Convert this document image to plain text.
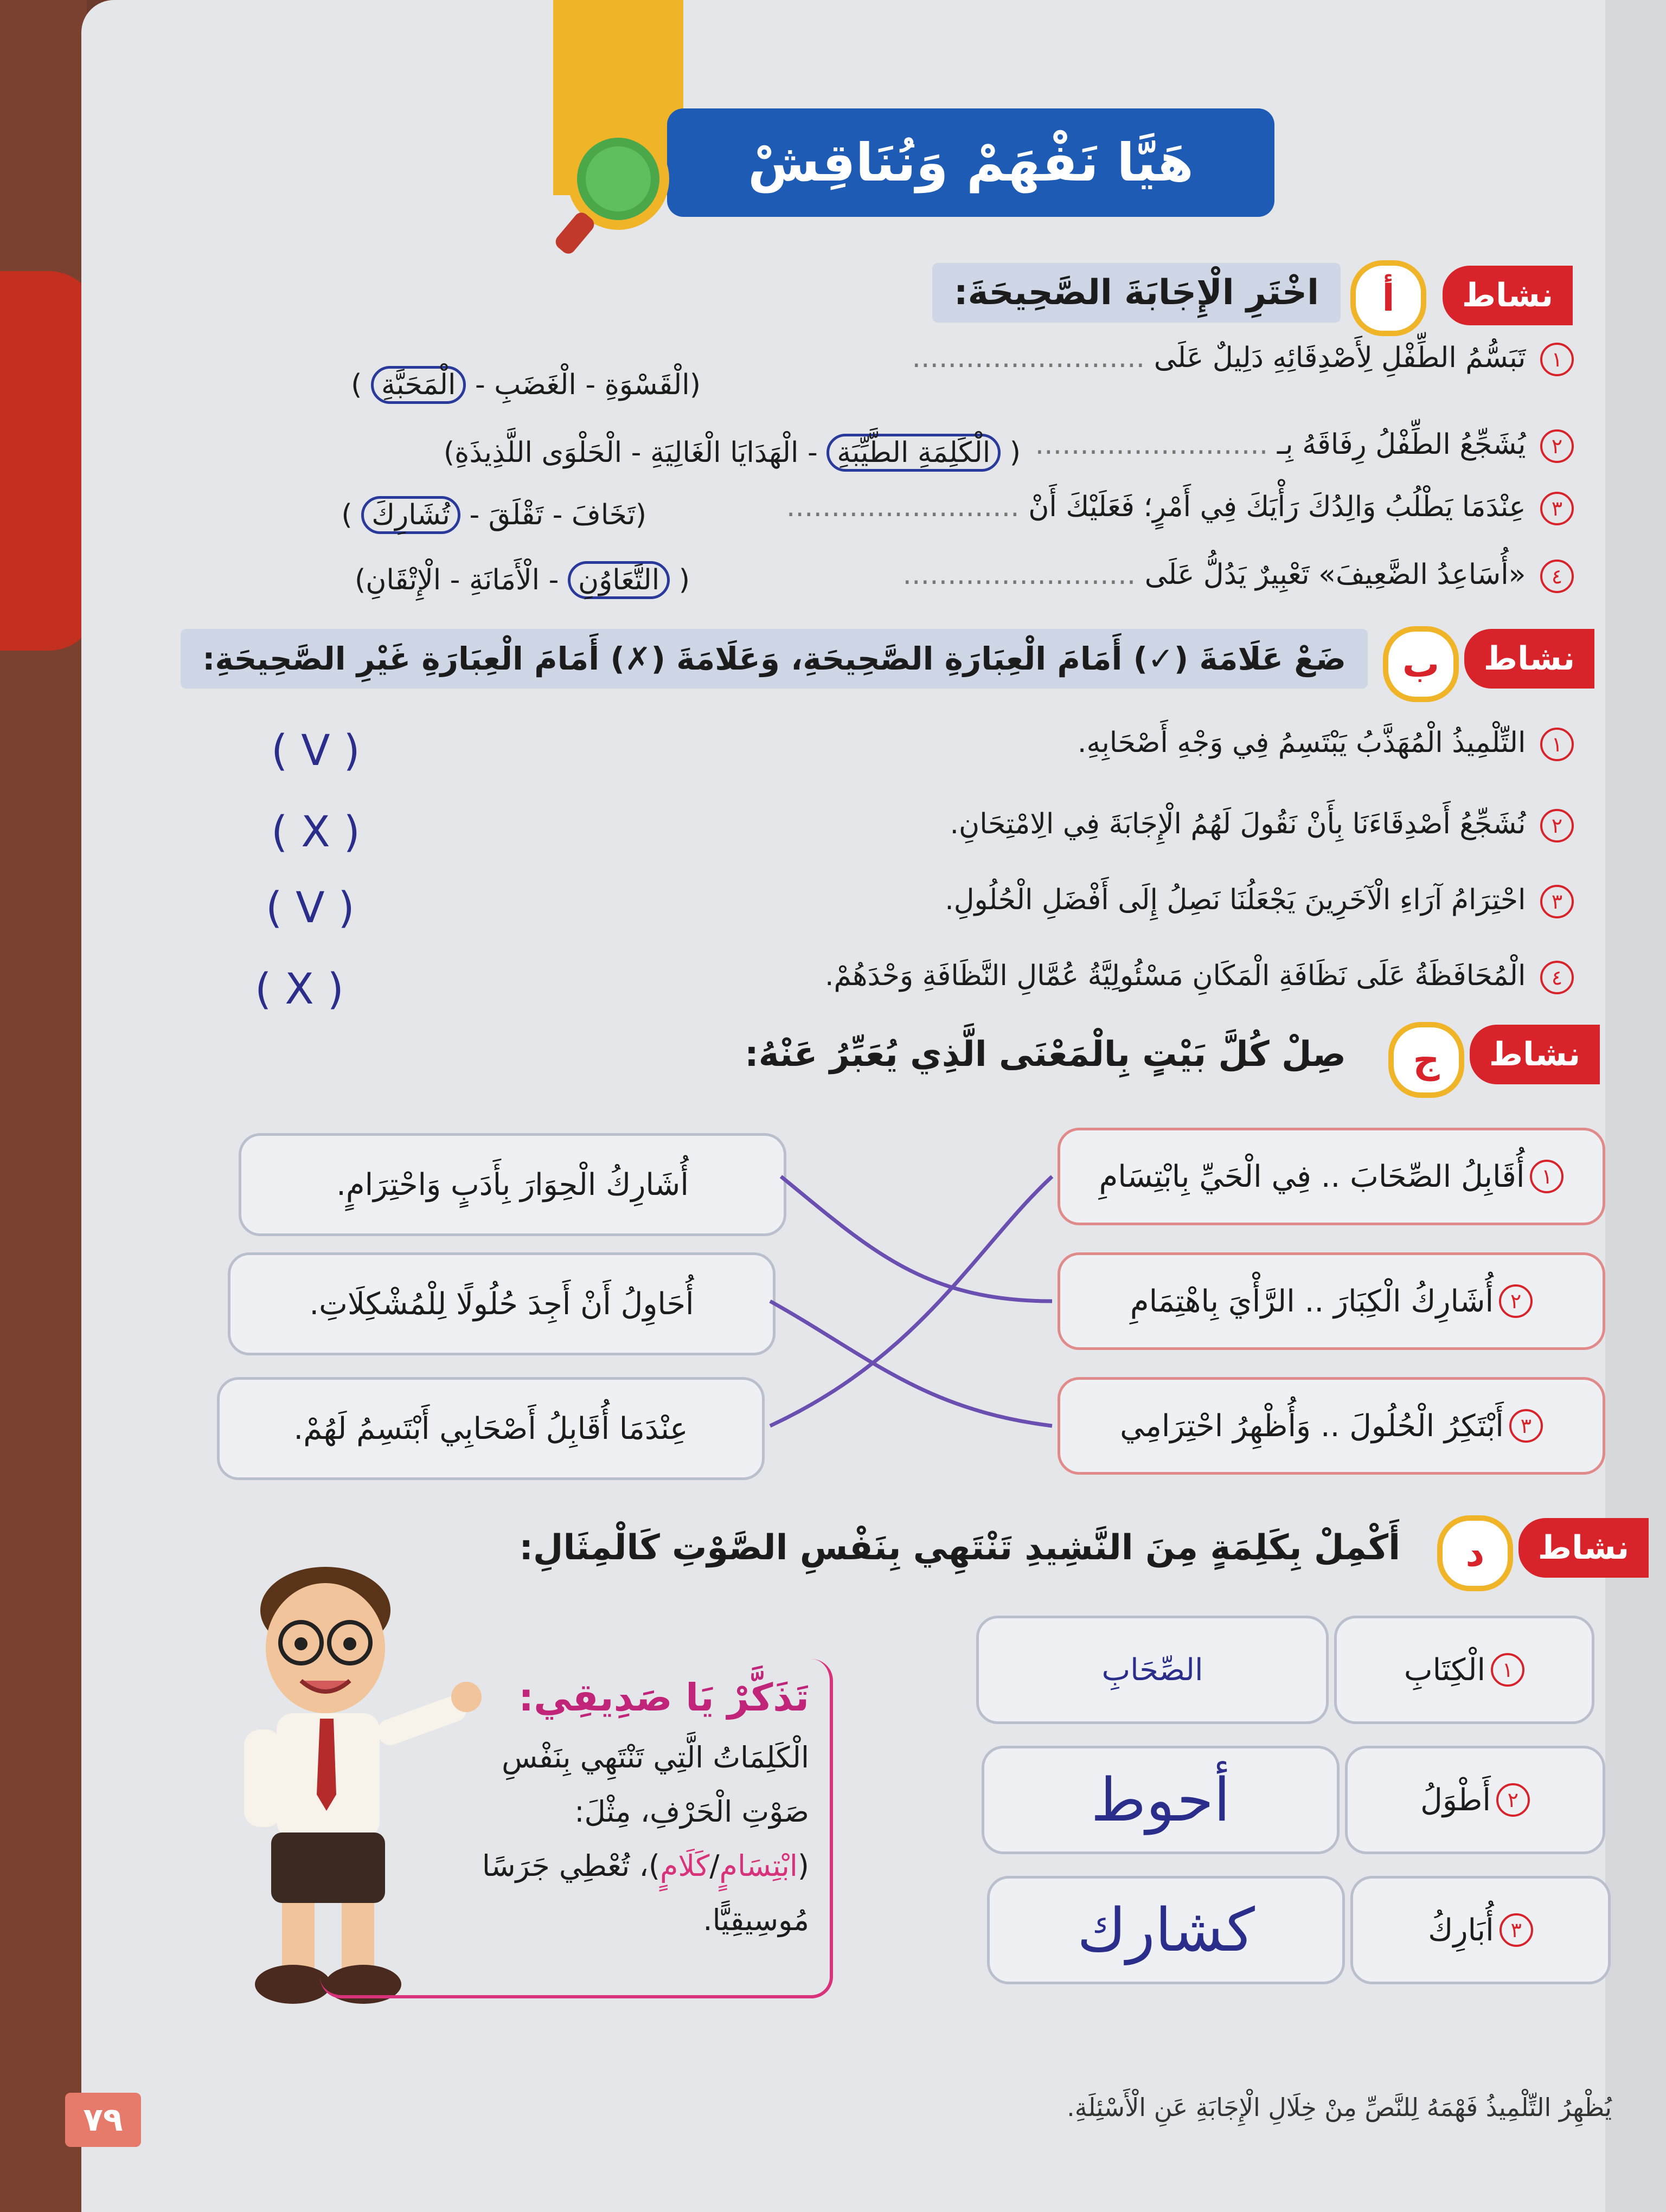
هَيَّا نَفْهَمْ وَنُنَاقِشْ
نشاط
أ
اخْتَرِ الْإِجَابَةَ الصَّحِيحَةَ:
١ تَبَسُّمُ الطِّفْلِ لِأَصْدِقَائِهِ دَلِيلٌ عَلَى ..........................
(الْقَسْوَةِ - الْغَضَبِ - الْمَحَبَّةِ )
٢ يُشَجِّعُ الطِّفْلُ رِفَاقَهُ بِـ ..........................
( الْكَلِمَةِ الطَّيِّبَةِ - الْهَدَايَا الْغَالِيَةِ - الْحَلْوَى اللَّذِيذَةِ)
٣ عِنْدَمَا يَطْلُبُ وَالِدُكَ رَأْيَكَ فِي أَمْرٍ؛ فَعَلَيْكَ أَنْ ..........................
(تَخَافَ - تَقْلَقَ - تُشَارِكَ )
٤ «أُسَاعِدُ الضَّعِيفَ» تَعْبِيرٌ يَدُلُّ عَلَى ..........................
( التَّعَاوُنِ - الْأَمَانَةِ - الْإِتْقَانِ)
نشاط
ب
ضَعْ عَلَامَةَ (✓) أَمَامَ الْعِبَارَةِ الصَّحِيحَةِ، وَعَلَامَةَ (✗) أَمَامَ الْعِبَارَةِ غَيْرِ الصَّحِيحَةِ:
١ التِّلْمِيذُ الْمُهَذَّبُ يَبْتَسِمُ فِي وَجْهِ أَصْحَابِهِ.
( V )
٢ نُشَجِّعُ أَصْدِقَاءَنَا بِأَنْ نَقُولَ لَهُمُ الْإِجَابَةَ فِي الِامْتِحَانِ.
( X )
٣ احْتِرَامُ آرَاءِ الْآخَرِينَ يَجْعَلُنَا نَصِلُ إِلَى أَفْضَلِ الْحُلُولِ.
( V )
٤ الْمُحَافَظَةُ عَلَى نَظَافَةِ الْمَكَانِ مَسْئُولِيَّةُ عُمَّالِ النَّظَافَةِ وَحْدَهُمْ.
( X )
نشاط
ج
صِلْ كُلَّ بَيْتٍ بِالْمَعْنَى الَّذِي يُعَبِّرُ عَنْهُ:
١
أُقَابِلُ الصِّحَابَ .. فِي الْحَيِّ بِابْتِسَامِ
٢
أُشَارِكُ الْكِبَارَ .. الرَّأْيَ بِاهْتِمَامِ
٣
أَبْتَكِرُ الْحُلُولَ .. وَأُظْهِرُ احْتِرَامِي
أُشَارِكُ الْحِوَارَ بِأَدَبٍ وَاحْتِرَامٍ.
أُحَاوِلُ أَنْ أَجِدَ حُلُولًا لِلْمُشْكِلَاتِ.
عِنْدَمَا أُقَابِلُ أَصْحَابِي أَبْتَسِمُ لَهُمْ.
نشاط
د
أَكْمِلْ بِكَلِمَةٍ مِنَ النَّشِيدِ تَنْتَهِي بِنَفْسِ الصَّوْتِ كَالْمِثَالِ:
١
الْكِتَابِ
الصِّحَابِ
٢
أَطْوَلُ
أحوط
٣
أُبَارِكُ
كشارك
تَذَكَّرْ يَا صَدِيقِي:
الْكَلِمَاتُ الَّتِي تَنْتَهِي بِنَفْسِ
صَوْتِ الْحَرْفِ، مِثْلَ:
(ابْتِسَامٍ/كَلَامٍ)، تُعْطِي جَرَسًا
مُوسِيقِيًّا.
يُظْهِرُ التِّلْمِيذُ فَهْمَهُ لِلنَّصِّ مِنْ خِلَالِ الْإِجَابَةِ عَنِ الْأَسْئِلَةِ.
٧٩
